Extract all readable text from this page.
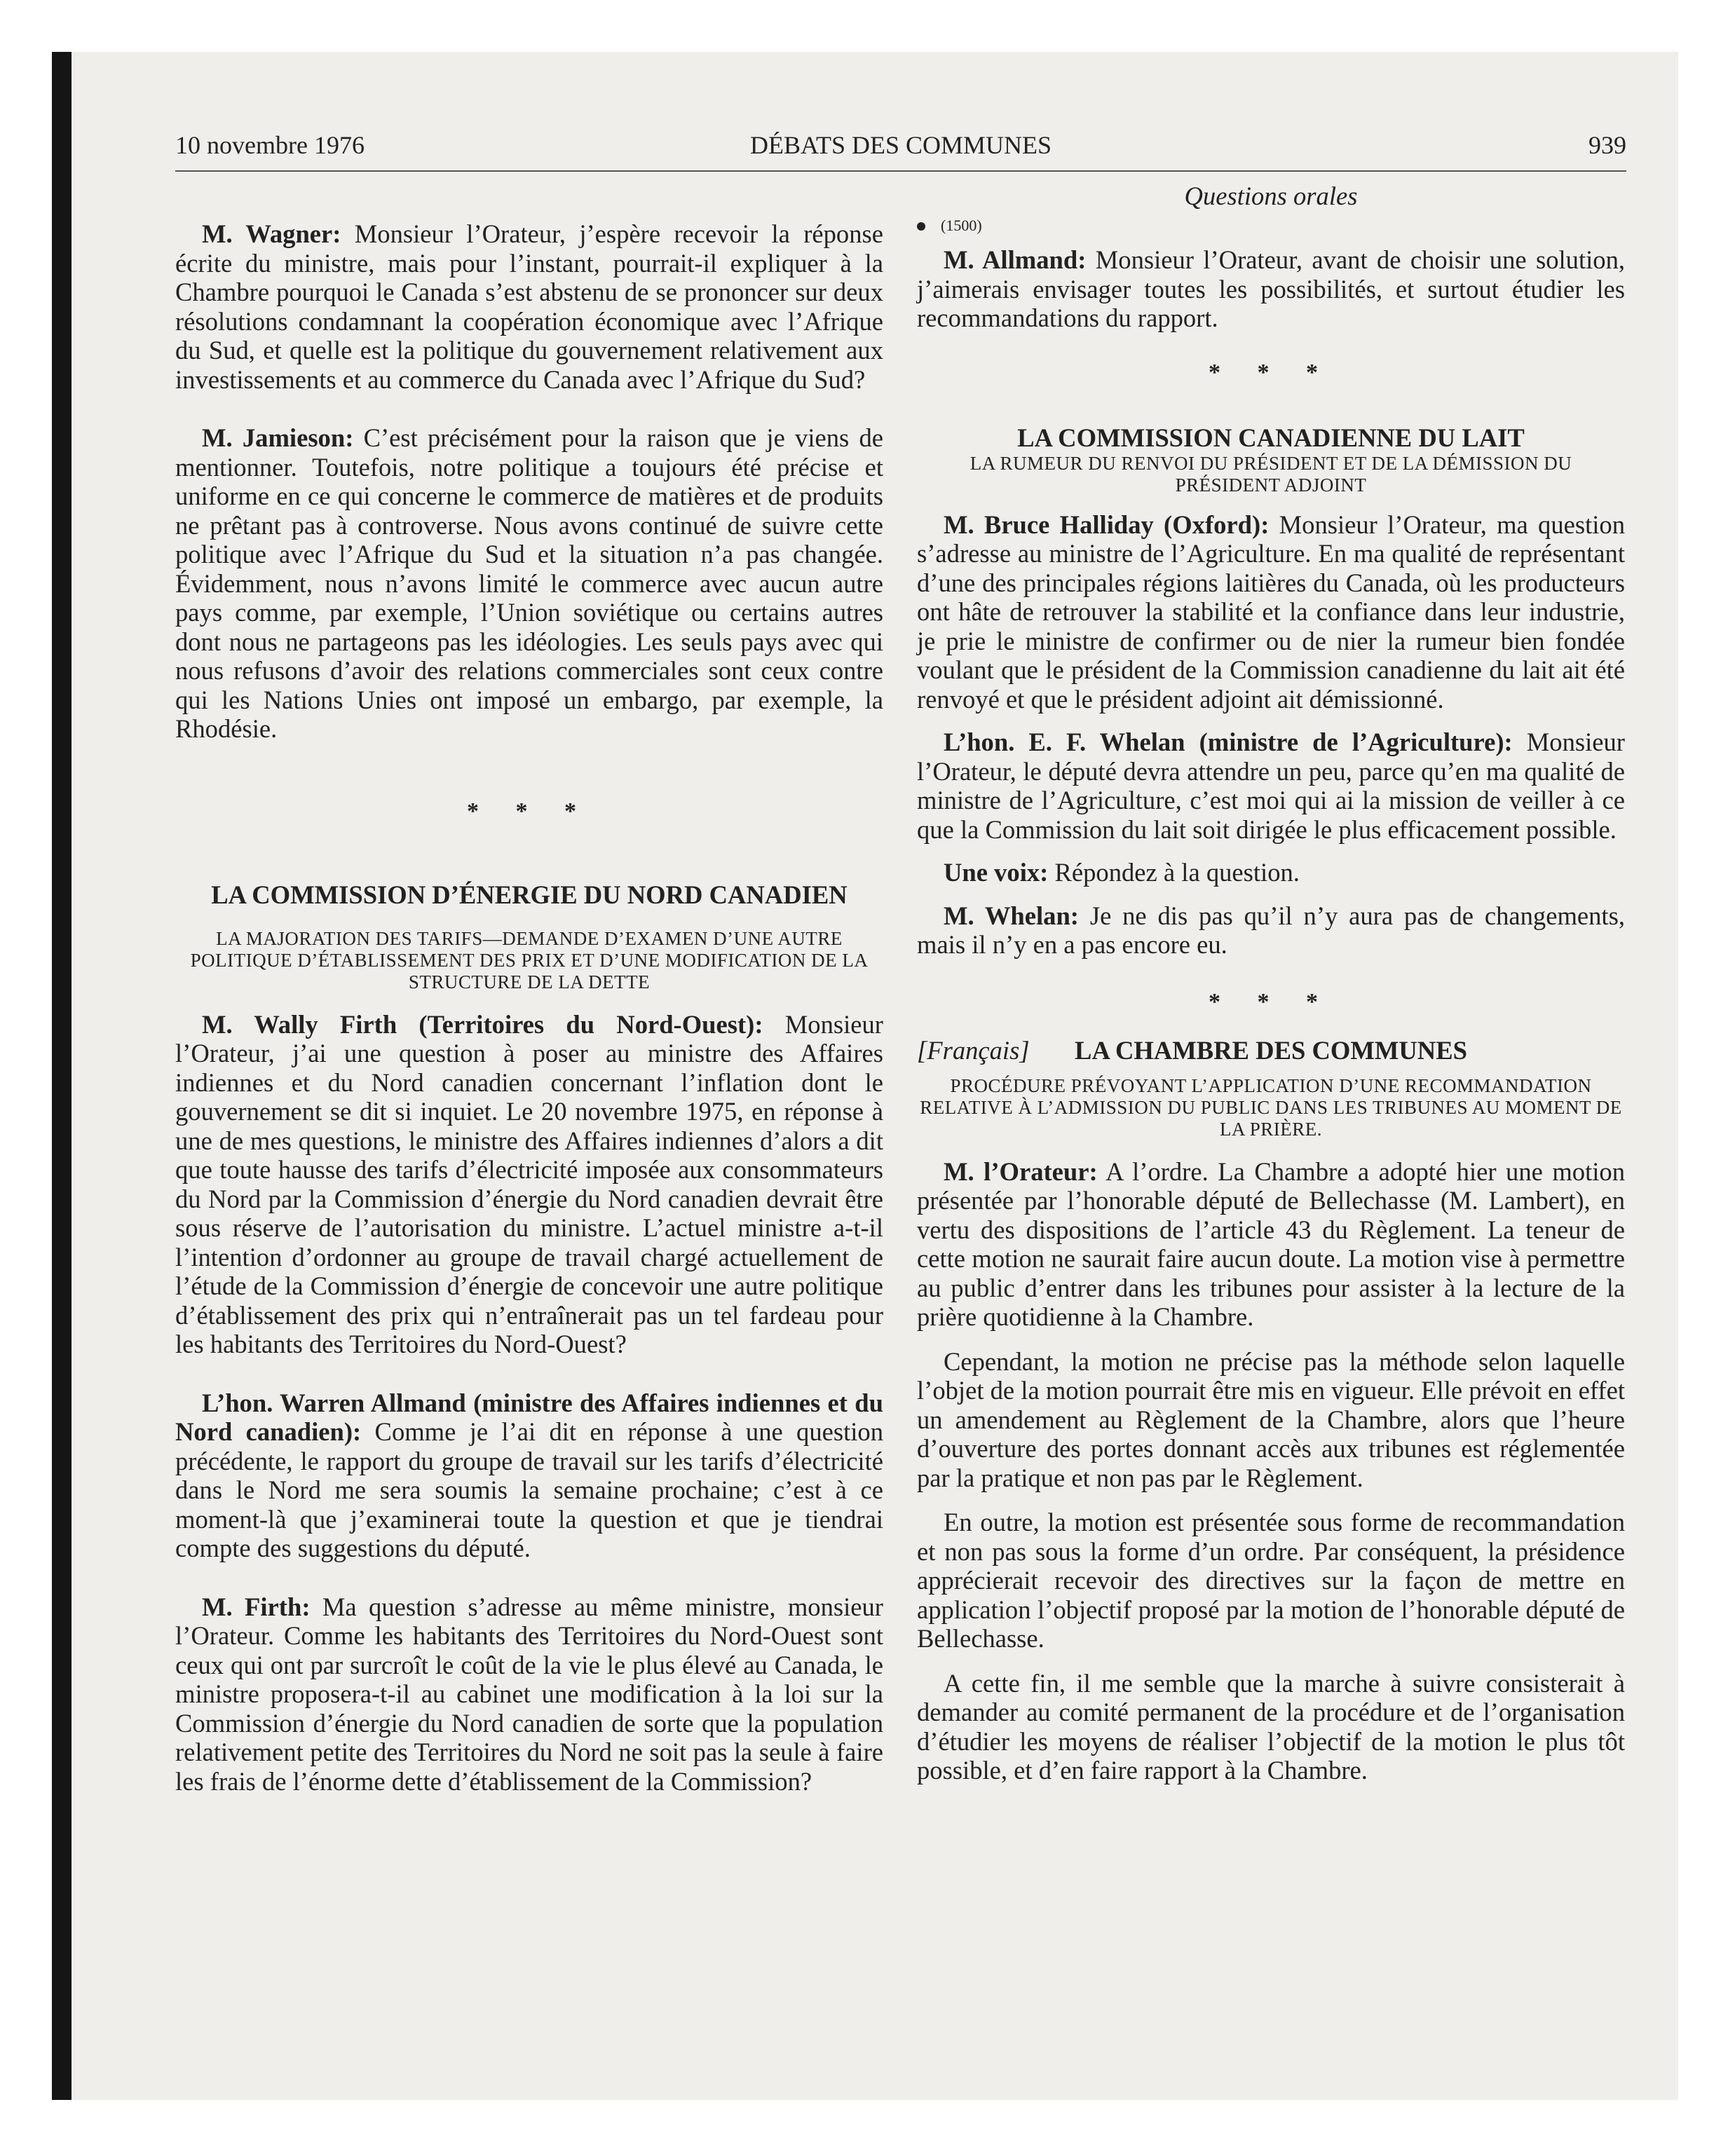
10 novembre 1976	DÉBATS DES COMMUNES	939

M. Wagner: Monsieur l’Orateur, j’espère recevoir la réponse écrite du ministre, mais pour l’instant, pourrait-il expliquer à la Chambre pourquoi le Canada s’est abstenu de se prononcer sur deux résolutions condamnant la coopération économique avec l’Afrique du Sud, et quelle est la politique du gouvernement relativement aux investissements et au commerce du Canada avec l’Afrique du Sud?

M. Jamieson: C’est précisément pour la raison que je viens de mentionner. Toutefois, notre politique a toujours été précise et uniforme en ce qui concerne le commerce de matières et de produits ne prêtant pas à controverse. Nous avons continué de suivre cette politique avec l’Afrique du Sud et la situation n’a pas changée. Évidemment, nous n’avons limité le commerce avec aucun autre pays comme, par exemple, l’Union soviétique ou certains autres dont nous ne partageons pas les idéologies. Les seuls pays avec qui nous refusons d’avoir des relations commerciales sont ceux contre qui les Nations Unies ont imposé un embargo, par exemple, la Rhodésie.

* * *

LA COMMISSION D’ÉNERGIE DU NORD CANADIEN

LA MAJORATION DES TARIFS—DEMANDE D’EXAMEN D’UNE AUTRE POLITIQUE D’ÉTABLISSEMENT DES PRIX ET D’UNE MODIFICATION DE LA STRUCTURE DE LA DETTE

M. Wally Firth (Territoires du Nord-Ouest): Monsieur l’Orateur, j’ai une question à poser au ministre des Affaires indiennes et du Nord canadien concernant l’inflation dont le gouvernement se dit si inquiet. Le 20 novembre 1975, en réponse à une de mes questions, le ministre des Affaires indiennes d’alors a dit que toute hausse des tarifs d’électricité imposée aux consommateurs du Nord par la Commission d’énergie du Nord canadien devrait être sous réserve de l’autorisation du ministre. L’actuel ministre a-t-il l’intention d’ordonner au groupe de travail chargé actuellement de l’étude de la Commission d’énergie de concevoir une autre politique d’établissement des prix qui n’entraînerait pas un tel fardeau pour les habitants des Territoires du Nord-Ouest?

L’hon. Warren Allmand (ministre des Affaires indiennes et du Nord canadien): Comme je l’ai dit en réponse à une question précédente, le rapport du groupe de travail sur les tarifs d’électricité dans le Nord me sera soumis la semaine prochaine; c’est à ce moment-là que j’examinerai toute la question et que je tiendrai compte des suggestions du député.

M. Firth: Ma question s’adresse au même ministre, monsieur l’Orateur. Comme les habitants des Territoires du Nord-Ouest sont ceux qui ont par surcroît le coût de la vie le plus élevé au Canada, le ministre proposera-t-il au cabinet une modification à la loi sur la Commission d’énergie du Nord canadien de sorte que la population relativement petite des Territoires du Nord ne soit pas la seule à faire les frais de l’énorme dette d’établissement de la Commission?

Questions orales

(1500)

M. Allmand: Monsieur l’Orateur, avant de choisir une solution, j’aimerais envisager toutes les possibilités, et surtout étudier les recommandations du rapport.

* * *

LA COMMISSION CANADIENNE DU LAIT

LA RUMEUR DU RENVOI DU PRÉSIDENT ET DE LA DÉMISSION DU PRÉSIDENT ADJOINT

M. Bruce Halliday (Oxford): Monsieur l’Orateur, ma question s’adresse au ministre de l’Agriculture. En ma qualité de représentant d’une des principales régions laitières du Canada, où les producteurs ont hâte de retrouver la stabilité et la confiance dans leur industrie, je prie le ministre de confirmer ou de nier la rumeur bien fondée voulant que le président de la Commission canadienne du lait ait été renvoyé et que le président adjoint ait démissionné.

L’hon. E. F. Whelan (ministre de l’Agriculture): Monsieur l’Orateur, le député devra attendre un peu, parce qu’en ma qualité de ministre de l’Agriculture, c’est moi qui ai la mission de veiller à ce que la Commission du lait soit dirigée le plus efficacement possible.

Une voix: Répondez à la question.

M. Whelan: Je ne dis pas qu’il n’y aura pas de changements, mais il n’y en a pas encore eu.

* * *

[Français]	LA CHAMBRE DES COMMUNES

PROCÉDURE PRÉVOYANT L’APPLICATION D’UNE RECOMMANDATION RELATIVE À L’ADMISSION DU PUBLIC DANS LES TRIBUNES AU MOMENT DE LA PRIÈRE.

M. l’Orateur: A l’ordre. La Chambre a adopté hier une motion présentée par l’honorable député de Bellechasse (M. Lambert), en vertu des dispositions de l’article 43 du Règlement. La teneur de cette motion ne saurait faire aucun doute. La motion vise à permettre au public d’entrer dans les tribunes pour assister à la lecture de la prière quotidienne à la Chambre.

Cependant, la motion ne précise pas la méthode selon laquelle l’objet de la motion pourrait être mis en vigueur. Elle prévoit en effet un amendement au Règlement de la Chambre, alors que l’heure d’ouverture des portes donnant accès aux tribunes est réglementée par la pratique et non pas par le Règlement.

En outre, la motion est présentée sous forme de recommandation et non pas sous la forme d’un ordre. Par conséquent, la présidence apprécierait recevoir des directives sur la façon de mettre en application l’objectif proposé par la motion de l’honorable député de Bellechasse.

A cette fin, il me semble que la marche à suivre consisterait à demander au comité permanent de la procédure et de l’organisation d’étudier les moyens de réaliser l’objectif de la motion le plus tôt possible, et d’en faire rapport à la Chambre.
